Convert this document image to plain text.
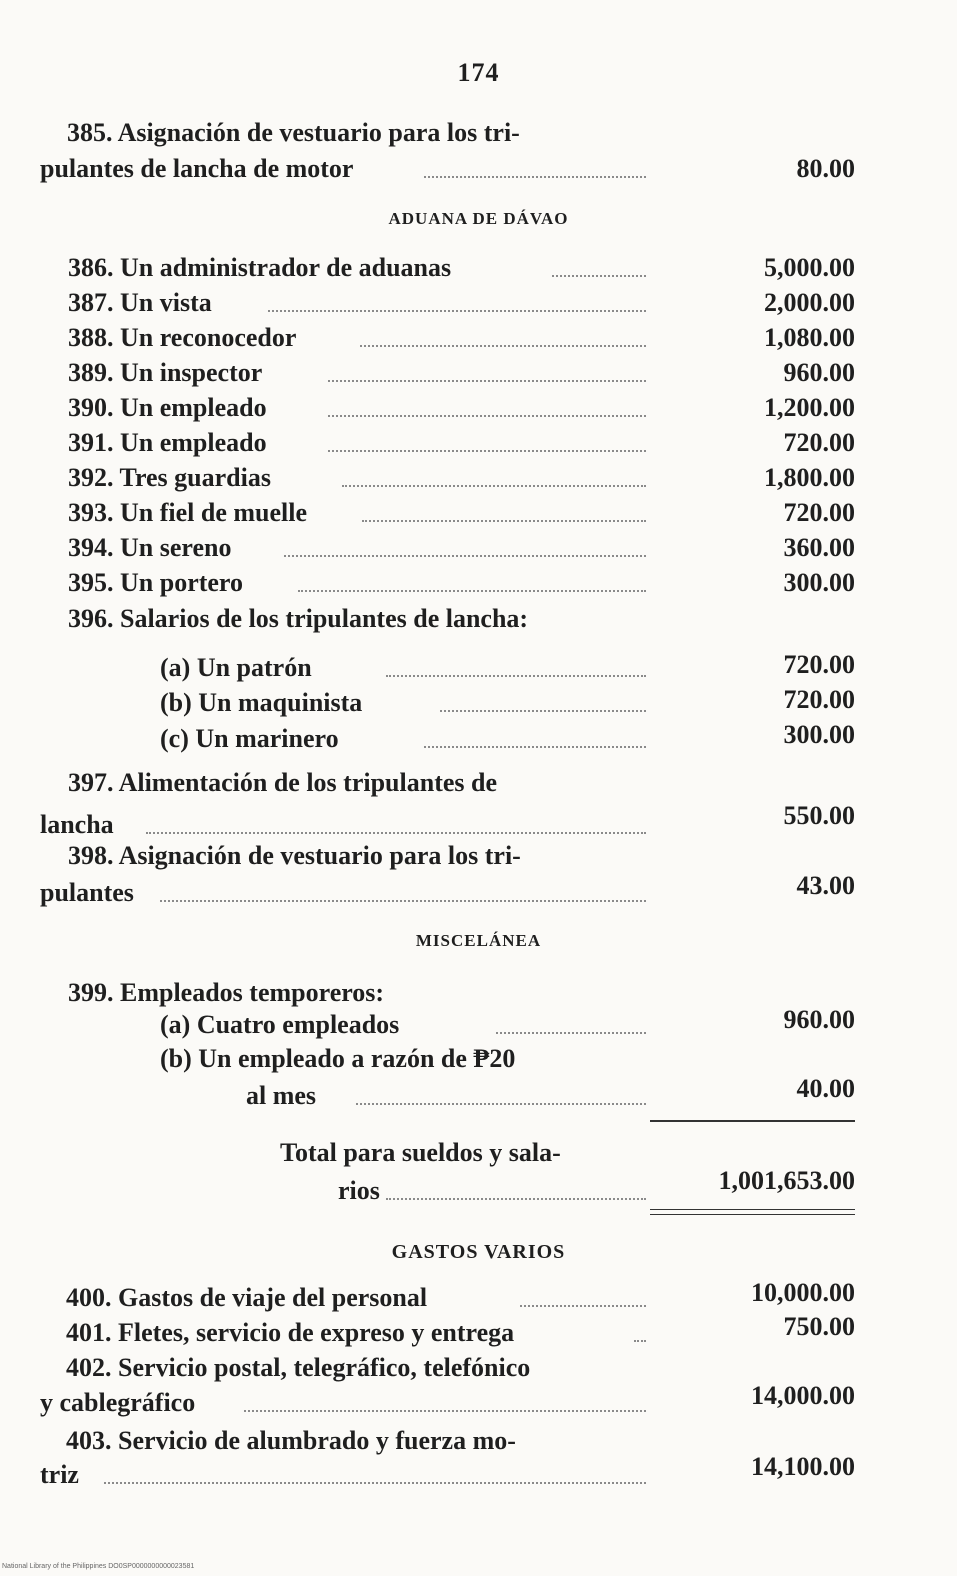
174
385. Asignación de vestuario para los tri-
pulantes de lancha de motor	80.00
ADUANA DE DÁVAO
386. Un administrador de aduanas	5,000.00
387. Un vista	2,000.00
388. Un reconocedor	1,080.00
389. Un inspector	960.00
390. Un empleado	1,200.00
391. Un empleado	720.00
392. Tres guardias	1,800.00
393. Un fiel de muelle	720.00
394. Un sereno	360.00
395. Un portero	300.00
396. Salarios de los tripulantes de lancha:
(a) Un patrón	720.00
(b) Un maquinista	720.00
(c) Un marinero	300.00
397. Alimentación de los tripulantes de
lancha	550.00
398. Asignación de vestuario para los tri-
pulantes	43.00
MISCELÁNEA
399. Empleados temporeros:
(a) Cuatro empleados	960.00
(b) Un empleado a razón de ₱20
al mes	40.00
Total para sueldos y sala-
rios	1,001,653.00
GASTOS VARIOS
400. Gastos de viaje del personal	10,000.00
401. Fletes, servicio de expreso y entrega	750.00
402. Servicio postal, telegráfico, telefónico
y cablegráfico	14,000.00
403. Servicio de alumbrado y fuerza mo-
triz	14,100.00
National Library of the Philippines DO0SP0000000000023581
